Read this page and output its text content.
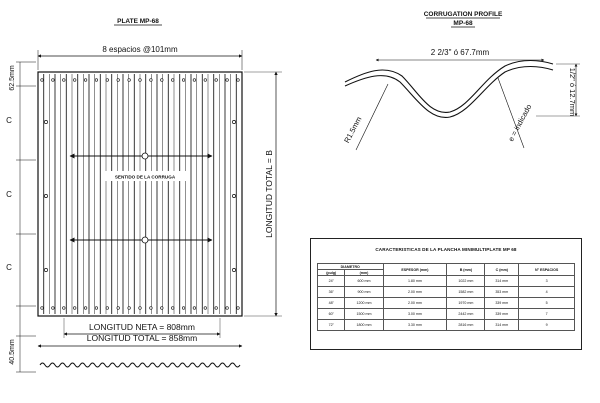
PLATE MP-68
SENTIDO DE LA CORRUGA
8 espacios @101mm
62.5mm
C
C
C
40.5mm
LONGITUD TOTAL = B
LONGITUD NETA = 808mm
LONGITUD TOTAL = 858mm
CORRUGATION PROFILE
MP-68
2 2/3" ó 67.7mm
1/2" ó 12.7mm
R1.5mm	e = indicado
CARACTERISTICAS DE LA PLANCHA MINIMULTIPLATE MP 68
DIAMETRO		ESPESOR (mm)	B (mm)	C (mm)	N° ESPACIOS
(pulg)	(mm)				
24"	600 mm	1.80 mm	1022 mm	314 mm	3
36"	900 mm	2.00 mm	1582 mm	353 mm	4
48"	1200 mm	2.00 mm	1970 mm	339 mm	5
60"	1500 mm	3.00 mm	2442 mm	339 mm	7
72"	1800 mm	3.30 mm	2816 mm	314 mm	9
